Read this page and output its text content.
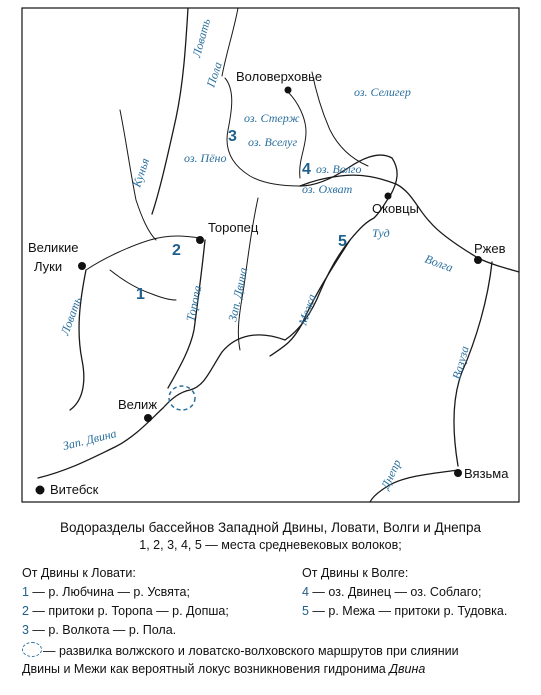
Воловерховье
Торопец
Оковцы
Ржев
Великие
Луки
Велиж
Вязьма
Витебск
Ловать
Пола
оз. Селигер
оз. Стерж
оз. Вселуг
оз. Пёно
оз. Волго
оз. Охват
Кунья
Туд
Волга
Торопа Зап. Двина	Межа
Ловать
Вазуза
Зап. Двина
Днепр
1
2
3
4
5
Водоразделы бассейнов Западной Двины, Ловати, Волги и Днепра
1, 2, 3, 4, 5 — места средневековых волоков;
От Двины к Ловати:
1 — р. Любчина — р. Усвята;
2 — притоки р. Торопа — р. Допша;
3 — р. Волкота — р. Пола.
От Двины к Волге:
4 — оз. Двинец — оз. Соблаго;
5 — р. Межа — притоки р. Тудовка.
— развилка волжского и ловатско-волховского маршрутов при слиянии
Двины и Межи как вероятный локус возникновения гидронима Двина
